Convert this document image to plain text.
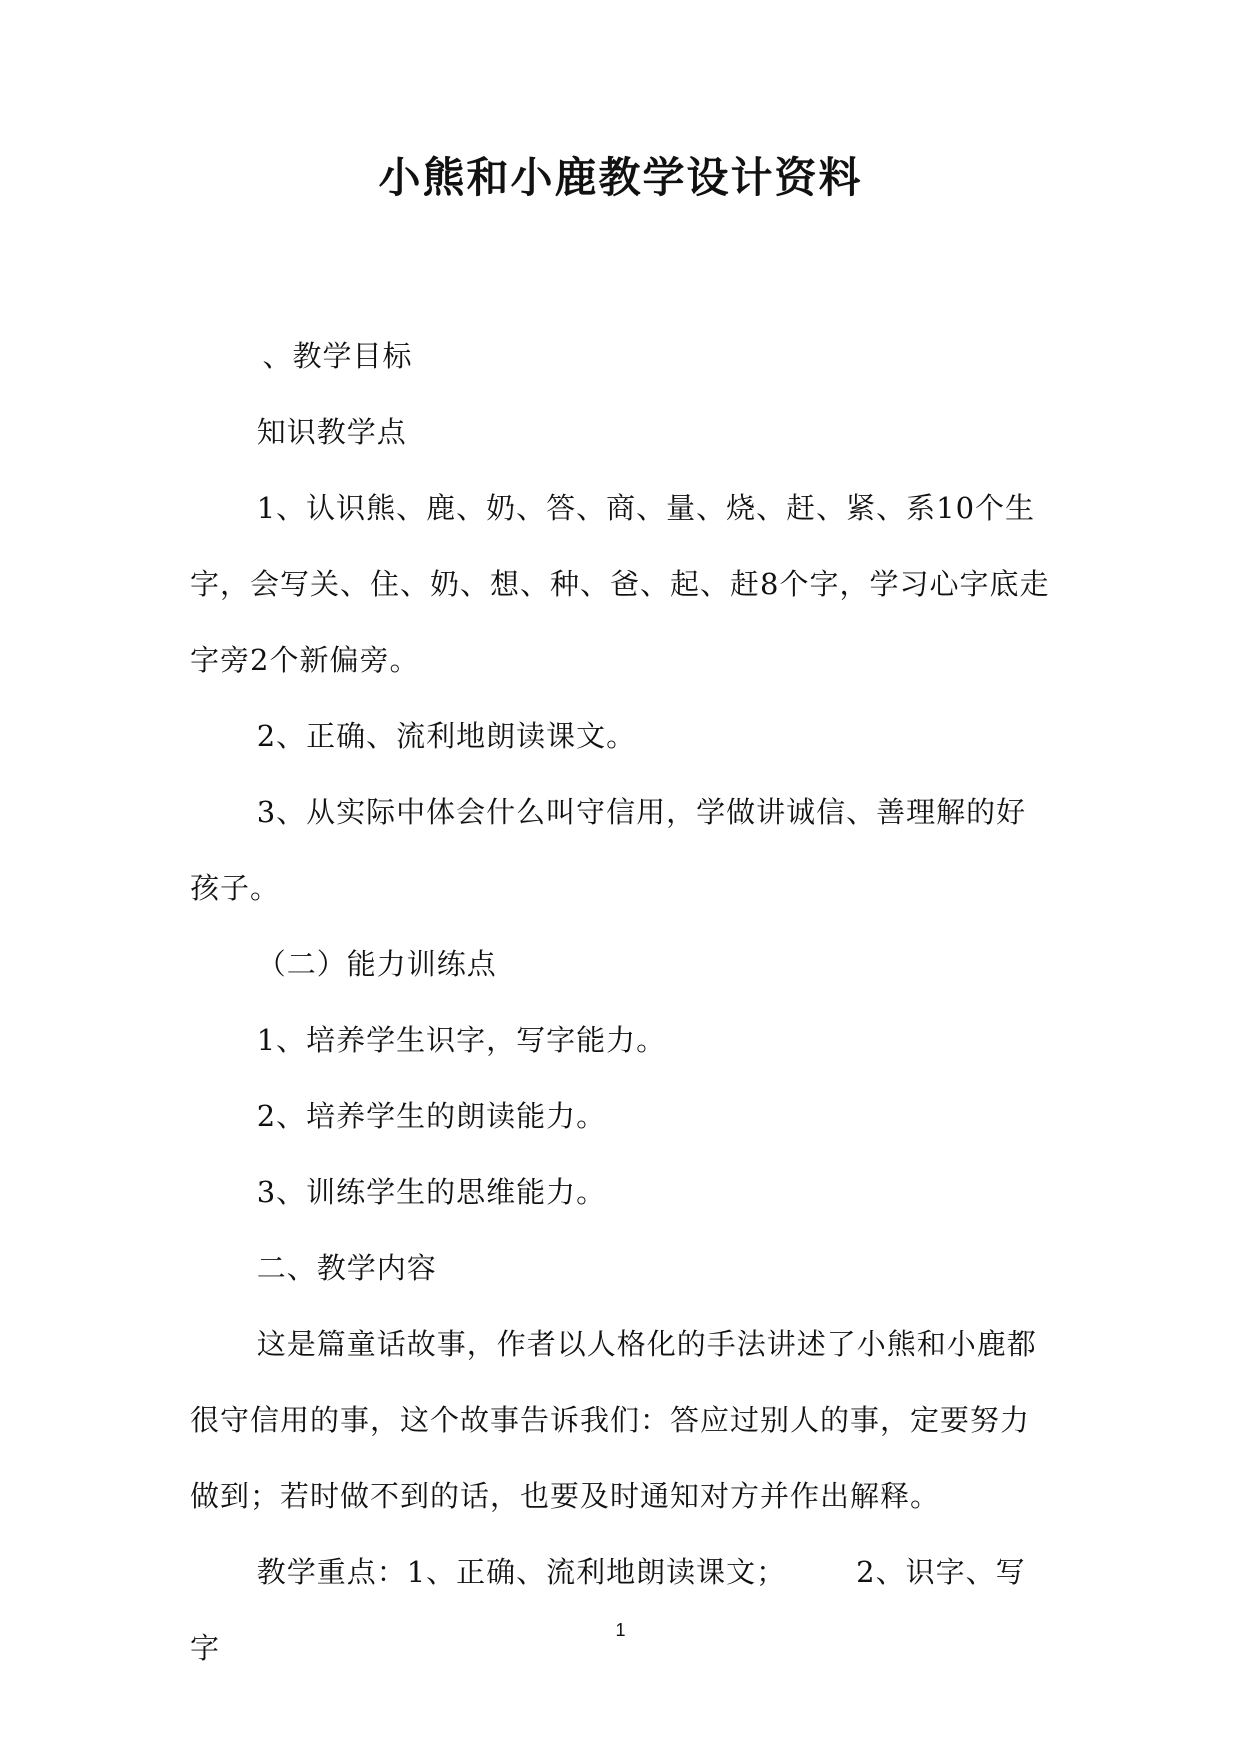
小熊和小鹿教学设计资料

、教学目标

知识教学点

1、认识熊、鹿、奶、答、商、量、烧、赶、紧、系10个生字，会写关、住、奶、想、种、爸、起、赶8个字，学习心字底走字旁2个新偏旁。

2、正确、流利地朗读课文。

3、从实际中体会什么叫守信用，学做讲诚信、善理解的好孩子。

（二）能力训练点

1、培养学生识字，写字能力。

2、培养学生的朗读能力。

3、训练学生的思维能力。

二、教学内容

这是篇童话故事，作者以人格化的手法讲述了小熊和小鹿都很守信用的事，这个故事告诉我们：答应过别人的事，定要努力做到；若时做不到的话，也要及时通知对方并作出解释。

教学重点：1、正确、流利地朗读课文； 2、识字、写字

1
